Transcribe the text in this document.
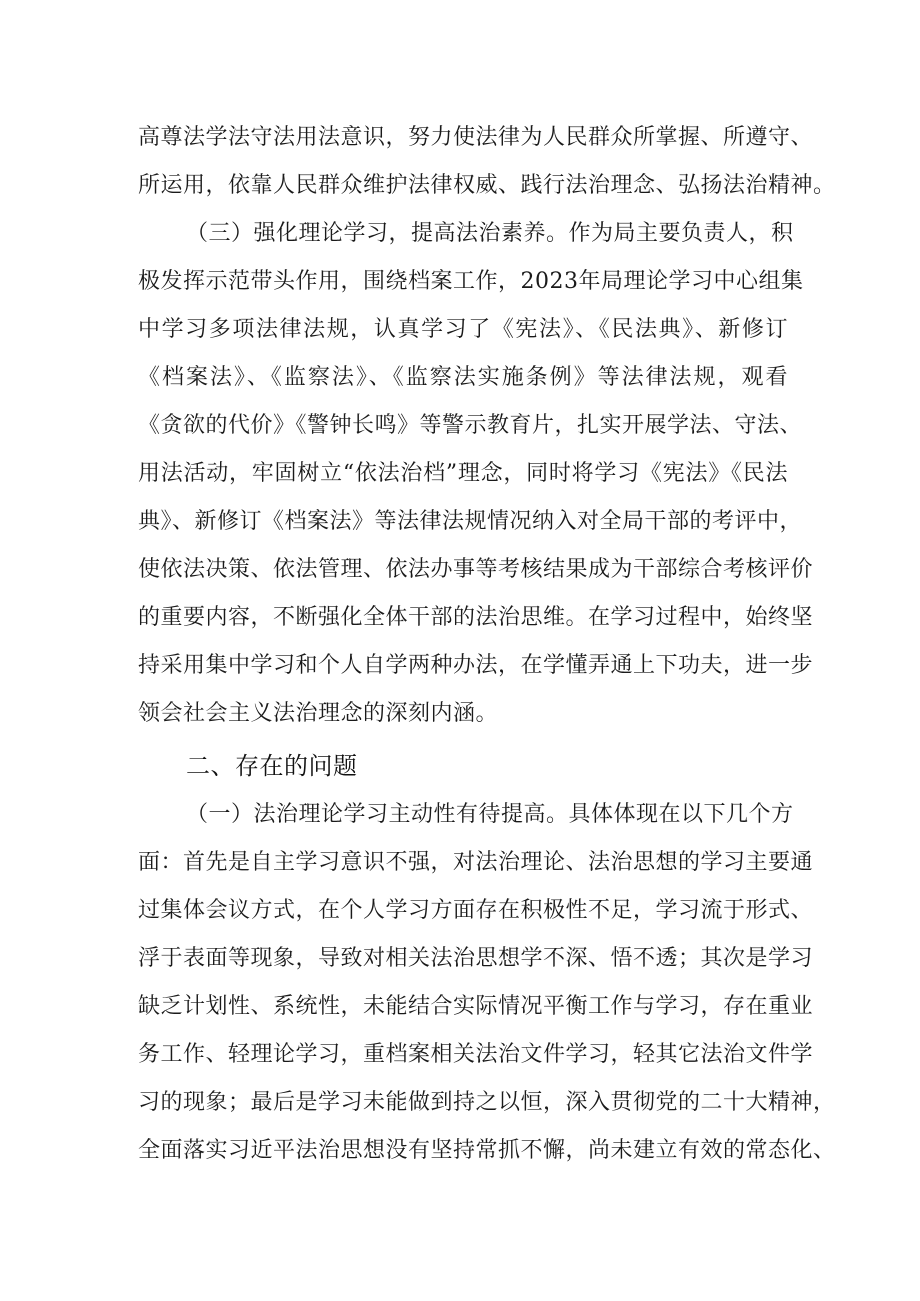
高尊法学法守法用法意识，努力使法律为人民群众所掌握、所遵守、
所运用，依靠人民群众维护法律权威、践行法治理念、弘扬法治精神。
（三）强化理论学习，提高法治素养。作为局主要负责人，积
极发挥示范带头作用，围绕档案工作，2023年局理论学习中心组集
中学习多项法律法规，认真学习了《宪法》、《民法典》、新修订
《档案法》、《监察法》、《监察法实施条例》等法律法规，观看
《贪欲的代价》《警钟长鸣》等警示教育片，扎实开展学法、守法、
用法活动，牢固树立“依法治档”理念，同时将学习《宪法》《民法
典》、新修订《档案法》等法律法规情况纳入对全局干部的考评中，
使依法决策、依法管理、依法办事等考核结果成为干部综合考核评价
的重要内容，不断强化全体干部的法治思维。在学习过程中，始终坚
持采用集中学习和个人自学两种办法，在学懂弄通上下功夫，进一步
领会社会主义法治理念的深刻内涵。
二、存在的问题
（一）法治理论学习主动性有待提高。具体体现在以下几个方
面：首先是自主学习意识不强，对法治理论、法治思想的学习主要通
过集体会议方式，在个人学习方面存在积极性不足，学习流于形式、
浮于表面等现象，导致对相关法治思想学不深、悟不透；其次是学习
缺乏计划性、系统性，未能结合实际情况平衡工作与学习，存在重业
务工作、轻理论学习，重档案相关法治文件学习，轻其它法治文件学
习的现象；最后是学习未能做到持之以恒，深入贯彻党的二十大精神，
全面落实习近平法治思想没有坚持常抓不懈，尚未建立有效的常态化、
